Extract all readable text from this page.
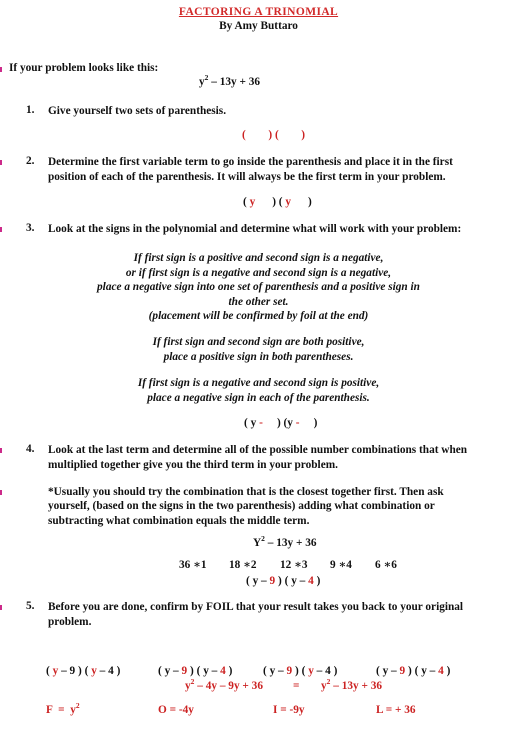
FACTORING A TRINOMIAL
By Amy Buttaro
If your problem looks like this:
$y^2 - 13y + 36$
1. Give yourself two sets of parenthesis.
(        ) (        )
2. Determine the first variable term to go inside the parenthesis and place it in the first
position of each of the parenthesis. It will always be the first term in your problem.
( y      ) ( y      )
3. Look at the signs in the polynomial and determine what will work with your problem:
If first sign is a positive and second sign is a negative,
or if first sign is a negative and second sign is a negative,
place a negative sign into one set of parenthesis and a positive sign in
the other set.
(placement will be confirmed by foil at the end)
If first sign and second sign are both positive,
place a positive sign in both parentheses.
If first sign is a negative and second sign is positive,
place a negative sign in each of the parenthesis.
( y -     ) (y -     )
4. Look at the last term and determine all of the possible number combinations that when
multiplied together give you the third term in your problem.
*Usually you should try the combination that is the closest together first. Then ask
yourself, (based on the signs in the two parenthesis) adding what combination or
subtracting what combination equals the middle term.
$Y^2 - 13y + 36$
36 ∗1 18 ∗2 12 ∗3 9 ∗4 6 ∗6
( y – 9 ) ( y – 4 )
5. Before you are done, confirm by FOIL that your result takes you back to your original
problem.

( y – 9 ) ( y – 4 )

$F = y^2$

( y – 9 ) ( y – 4 )

O = -4y

( y – 9 ) ( y – 4 )

I = -9y

( y – 9 ) ( y – 4 )

L = + 36

$y^2 - 4y - 9y + 36$	= $y^2 - 13y + 36$
